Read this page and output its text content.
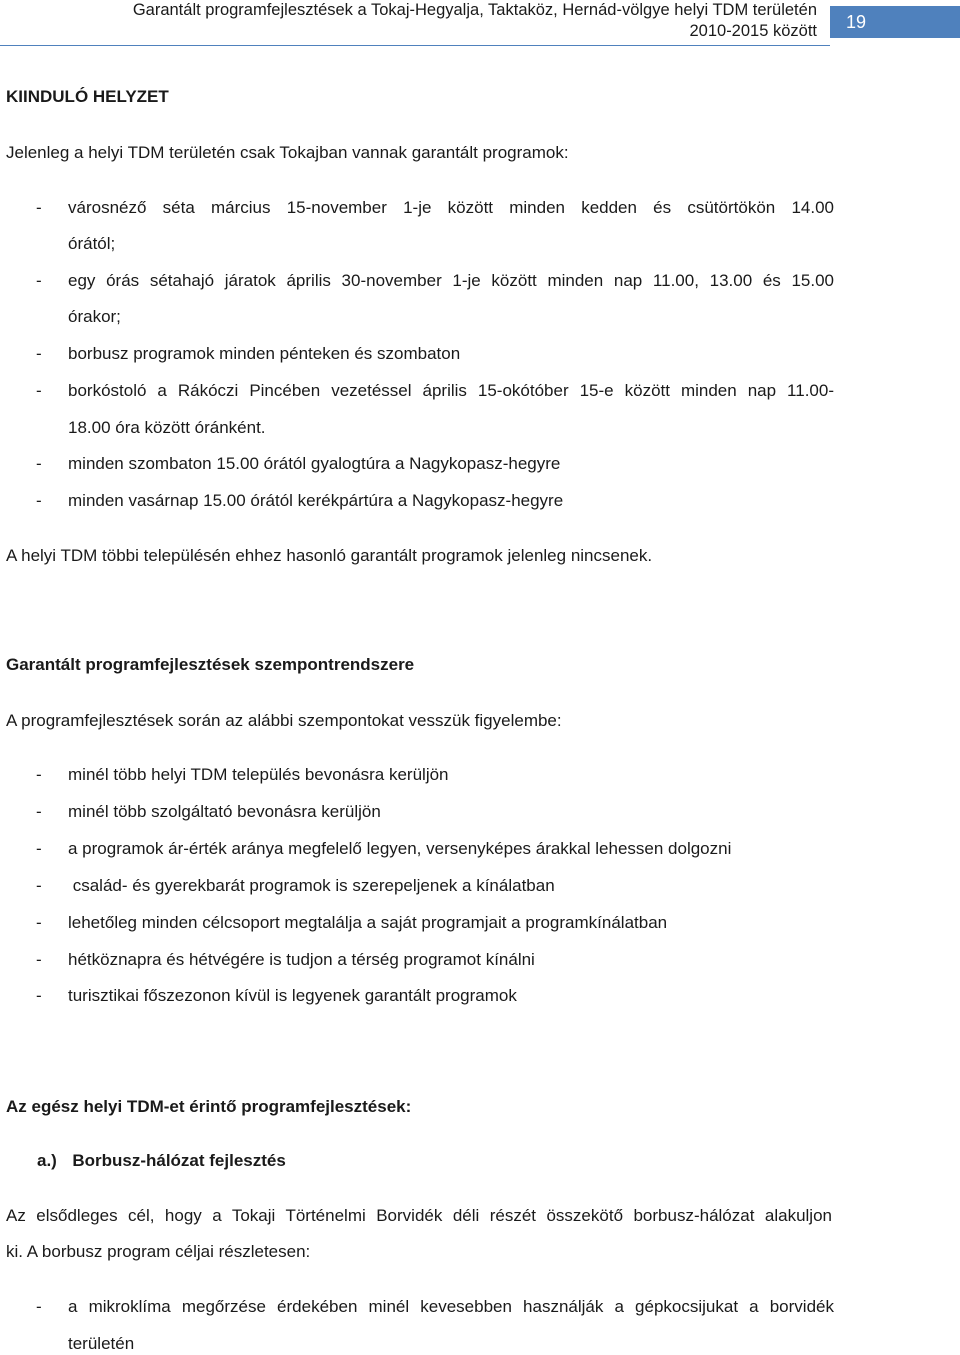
Garantált programfejlesztések a Tokaj-Hegyalja, Taktaköz, Hernád-völgye helyi TDM területén
2010-2015 között	19
KIINDULÓ HELYZET
Jelenleg a helyi TDM területén csak Tokajban vannak garantált programok:
-	városnéző séta március 15-november 1-je között minden kedden és csütörtökön 14.00
órától;
-	egy órás sétahajó járatok április 30-november 1-je között minden nap 11.00, 13.00 és 15.00
órakor;
-	borbusz programok minden pénteken és szombaton
-	borkóstoló a Rákóczi Pincében vezetéssel április 15-okótóber 15-e között minden nap 11.00-
18.00 óra között óránként.
-	minden szombaton 15.00 órától gyalogtúra a Nagykopasz-hegyre
-	minden vasárnap 15.00 órától kerékpártúra a Nagykopasz-hegyre
A helyi TDM többi településén ehhez hasonló garantált programok jelenleg nincsenek.
Garantált programfejlesztések szempontrendszere
A programfejlesztések során az alábbi szempontokat vesszük figyelembe:
-	minél több helyi TDM település bevonásra kerüljön
-	minél több szolgáltató bevonásra kerüljön
-	a programok ár-érték aránya megfelelő legyen, versenyképes árakkal lehessen dolgozni
-	család- és gyerekbarát programok is szerepeljenek a kínálatban
-	lehetőleg minden célcsoport megtalálja a saját programjait a programkínálatban
-	hétköznapra és hétvégére is tudjon a térség programot kínálni
-	turisztikai főszezonon kívül is legyenek garantált programok
Az egész helyi TDM-et érintő programfejlesztések:
a.) Borbusz-hálózat fejlesztés
Az elsődleges cél, hogy a Tokaji Történelmi Borvidék déli részét összekötő borbusz-hálózat alakuljon
ki. A borbusz program céljai részletesen:
-	a mikroklíma megőrzése érdekében minél kevesebben használják a gépkocsijukat a borvidék
területén
